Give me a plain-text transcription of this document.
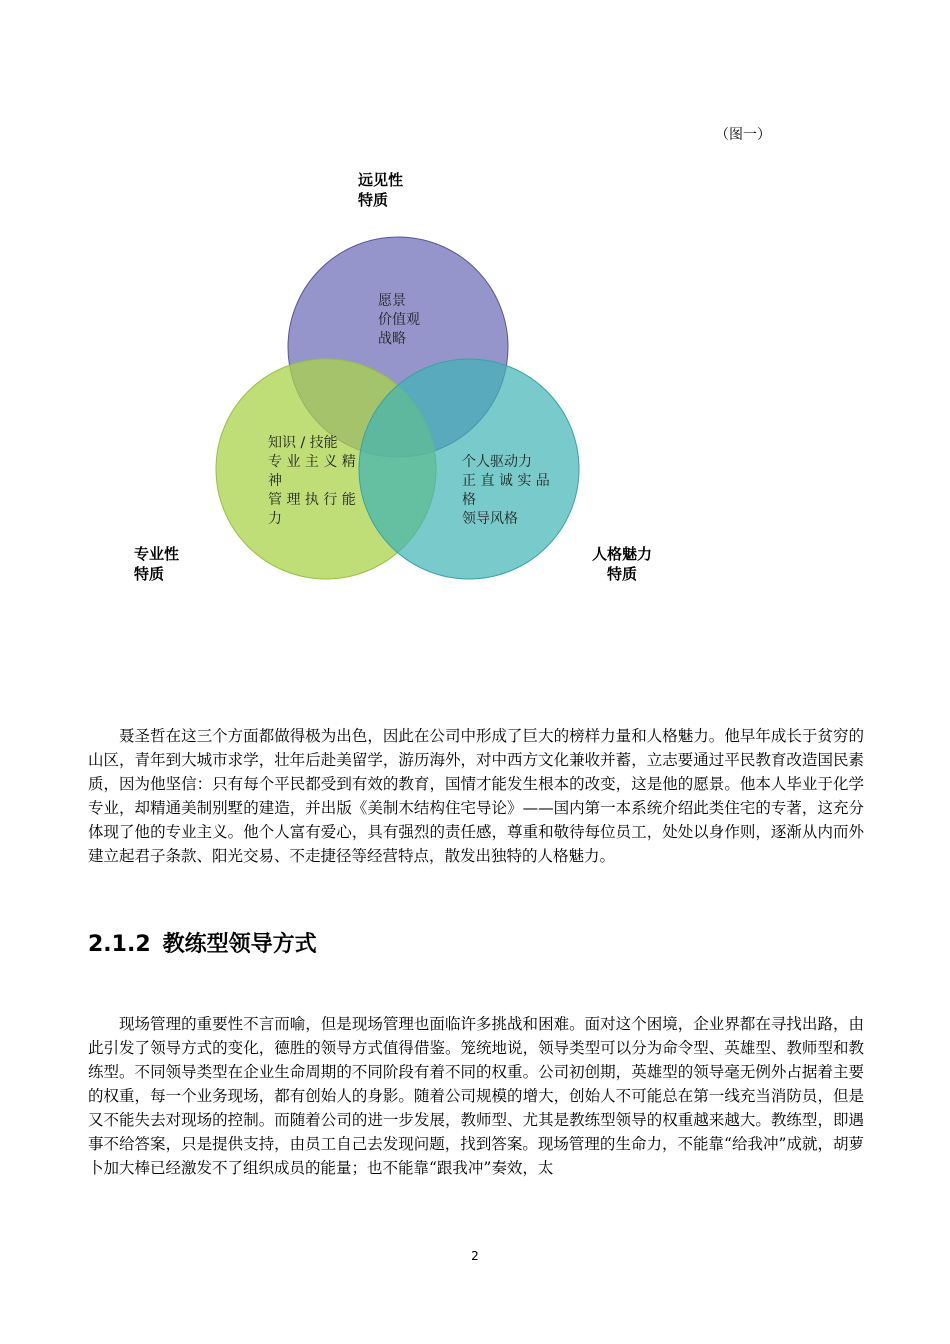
（图一）
远见性
特质
专业性
特质
人格魅力
特质
愿景
价值观
战略
知识 / 技能
专 业 主 义 精
神
管 理 执 行 能
力
个人驱动力
正 直 诚 实 品
格
领导风格

聂圣哲在这三个方面都做得极为出色，因此在公司中形成了巨大的榜样力量和人格魅力。他早年成长于贫穷的山区，青年到大城市求学，壮年后赴美留学，游历海外，对中西方文化兼收并蓄，立志要通过平民教育改造国民素质，因为他坚信：只有每个平民都受到有效的教育，国情才能发生根本的改变，这是他的愿景。他本人毕业于化学专业，却精通美制别墅的建造，并出版《美制木结构住宅导论》——国内第一本系统介绍此类住宅的专著，这充分体现了他的专业主义。他个人富有爱心，具有强烈的责任感，尊重和敬待每位员工，处处以身作则，逐渐从内而外建立起君子条款、阳光交易、不走捷径等经营特点，散发出独特的人格魅力。

2.1.2 教练型领导方式

现场管理的重要性不言而喻，但是现场管理也面临许多挑战和困难。面对这个困境，企业界都在寻找出路，由此引发了领导方式的变化，德胜的领导方式值得借鉴。笼统地说，领导类型可以分为命令型、英雄型、教师型和教练型。不同领导类型在企业生命周期的不同阶段有着不同的权重。公司初创期，英雄型的领导毫无例外占据着主要的权重，每一个业务现场，都有创始人的身影。随着公司规模的增大，创始人不可能总在第一线充当消防员，但是又不能失去对现场的控制。而随着公司的进一步发展，教师型、尤其是教练型领导的权重越来越大。教练型，即遇事不给答案，只是提供支持，由员工自己去发现问题，找到答案。现场管理的生命力，不能靠“给我冲”成就，胡萝卜加大棒已经激发不了组织成员的能量；也不能靠“跟我冲”奏效，太

2
